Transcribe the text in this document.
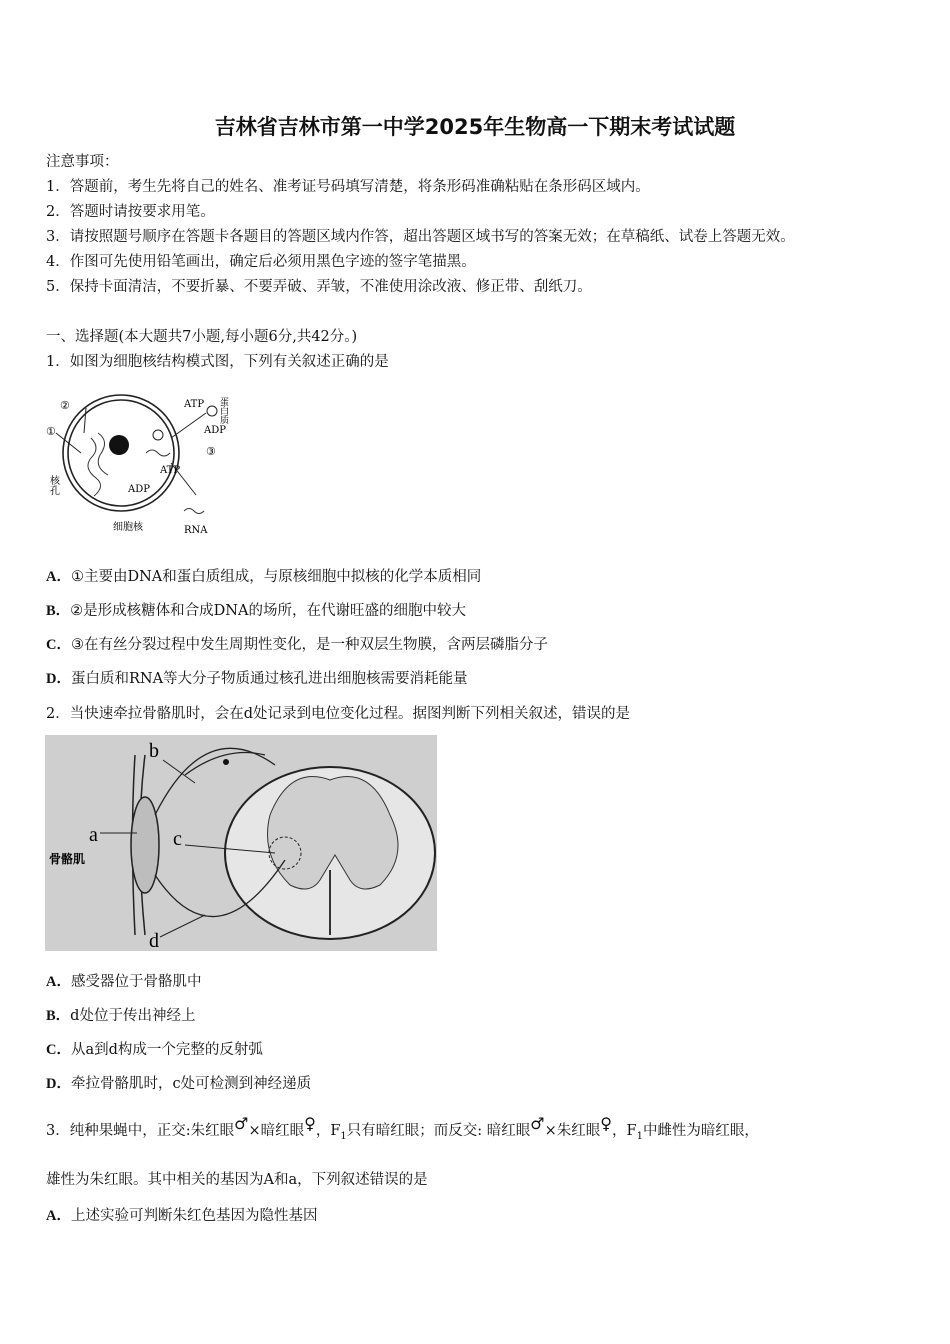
吉林省吉林市第一中学2025年生物高一下期末考试试题
注意事项：
1．答题前，考生先将自己的姓名、准考证号码填写清楚，将条形码准确粘贴在条形码区域内。
2．答题时请按要求用笔。
3．请按照题号顺序在答题卡各题目的答题区域内作答，超出答题区域书写的答案无效；在草稿纸、试卷上答题无效。
4．作图可先使用铅笔画出，确定后必须用黑色字迹的签字笔描黑。
5．保持卡面清洁，不要折暴、不要弄破、弄皱，不准使用涂改液、修正带、刮纸刀。
一、选择题(本大题共7小题,每小题6分,共42分。)
1．如图为细胞核结构模式图，下列有关叙述正确的是
②
①
③
ATP
ADP
蛋白质
ATP
ADP
核孔
细胞核	RNA
A．①主要由DNA和蛋白质组成，与原核细胞中拟核的化学本质相同
B．②是形成核糖体和合成DNA的场所，在代谢旺盛的细胞中较大
C．③在有丝分裂过程中发生周期性变化，是一种双层生物膜，含两层磷脂分子
D．蛋白质和RNA等大分子物质通过核孔进出细胞核需要消耗能量
2．当快速牵拉骨骼肌时，会在d处记录到电位变化过程。据图判断下列相关叙述，错误的是
b
a	c
d
骨骼肌
A．感受器位于骨骼肌中
B．d处位于传出神经上
C．从a到d构成一个完整的反射弧
D．牵拉骨骼肌时，c处可检测到神经递质
3．纯种果蝇中，正交:朱红眼♂×暗红眼♀，$F_1$只有暗红眼；而反交: 暗红眼♂×朱红眼♀，$F_1$中雌性为暗红眼，
雄性为朱红眼。其中相关的基因为A和a，下列叙述错误的是
A．上述实验可判断朱红色基因为隐性基因
